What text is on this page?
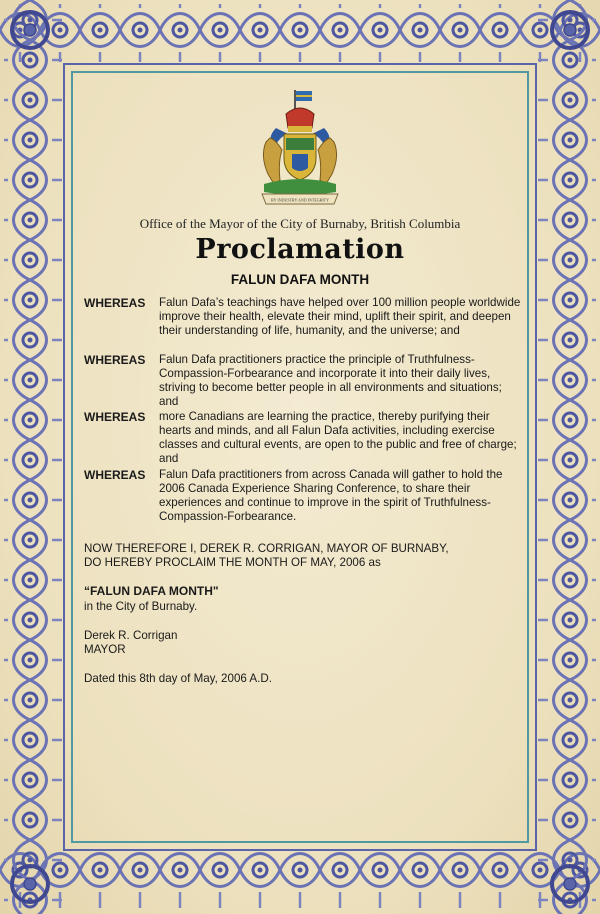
BY INDUSTRY AND INTEGRITY
Office of the Mayor of the City of Burnaby, British Columbia
Proclamation
FALUN DAFA MONTH
WHEREAS Falun Dafa’s teachings have helped over 100 million people worldwide improve their health, elevate their mind, uplift their spirit, and deepen their understanding of life, humanity, and the universe; and
WHEREAS Falun Dafa practitioners practice the principle of Truthfulness-Compassion-Forbearance and incorporate it into their daily lives, striving to become better people in all environments and situations; and
WHEREAS more Canadians are learning the practice, thereby purifying their hearts and minds, and all Falun Dafa activities, including exercise classes and cultural events, are open to the public and free of charge; and
WHEREAS Falun Dafa practitioners from across Canada will gather to hold the 2006 Canada Experience Sharing Conference, to share their experiences and continue to improve in the spirit of Truthfulness-Compassion-Forbearance.
NOW THEREFORE I, DEREK R. CORRIGAN, MAYOR OF BURNABY,
DO HEREBY PROCLAIM THE MONTH OF MAY, 2006 as
“FALUN DAFA MONTH"
in the City of Burnaby.
Derek R. Corrigan
MAYOR
Dated this 8th day of May, 2006 A.D.
